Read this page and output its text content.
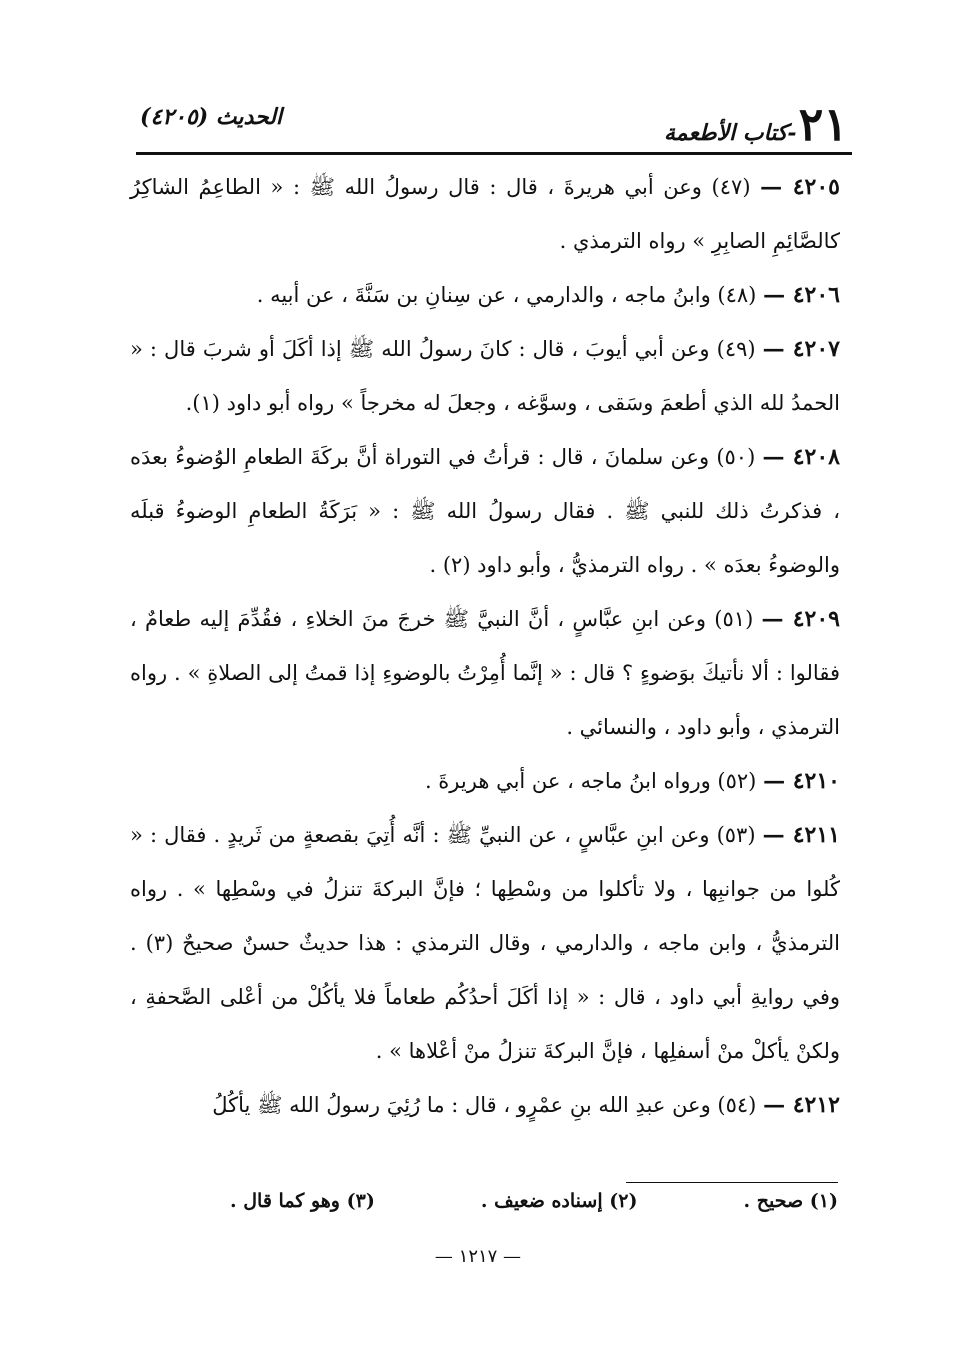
٢١
-كتاب الأطعمة
الحديث (٤٢٠٥)

٤٢٠٥ — (٤٧) وعن أبي هريرةَ ، قال : قال رسولُ الله ﷺ : « الطاعِمُ الشاكِرُ كالصَّائِمِ الصابِرِ » رواه الترمذي .

٤٢٠٦ — (٤٨) وابنُ ماجه ، والدارمي ، عن سِنانِ بن سَنَّةَ ، عن أبيه .

٤٢٠٧ — (٤٩) وعن أبي أيوبَ ، قال : كانَ رسولُ الله ﷺ إذا أكَلَ أو شربَ قال : « الحمدُ لله الذي أطعمَ وسَقى ، وسوَّغه ، وجعلَ له مخرجاً » رواه أبو داود (١).

٤٢٠٨ — (٥٠) وعن سلمانَ ، قال : قرأتُ في التوراة أنَّ بركَةَ الطعامِ الوُضوءُ بعدَه ، فذكرتُ ذلك للنبي ﷺ . فقال رسولُ الله ﷺ : « بَرَكَةُ الطعامِ الوضوءُ قبلَه والوضوءُ بعدَه » . رواه الترمذيُّ ، وأبو داود (٢) .

٤٢٠٩ — (٥١) وعن ابنِ عبَّاسٍ ، أنَّ النبيَّ ﷺ خرجَ منَ الخلاءِ ، فقُدِّمَ إليه طعامٌ ، فقالوا : ألا نأتيكَ بوَضوءٍ ؟ قال : « إنَّما أُمِرْتُ بالوضوءِ إذا قمتُ إلى الصلاةِ » . رواه الترمذي ، وأبو داود ، والنسائي .

٤٢١٠ — (٥٢) ورواه ابنُ ماجه ، عن أبي هريرةَ .

٤٢١١ — (٥٣) وعن ابنِ عبَّاسٍ ، عن النبيِّ ﷺ : أنَّه أُتِيَ بقصعةٍ من ثَريدٍ . فقال : « كُلوا من جوانبِها ، ولا تأكلوا من وسْطِها ؛ فإنَّ البركةَ تنزلُ في وسْطِها » . رواه الترمذيُّ ، وابن ماجه ، والدارمي ، وقال الترمذي : هذا حديثٌ حسنٌ صحيحٌ (٣) . وفي روايةِ أبي داود ، قال : « إذا أكَلَ أحدُكُم طعاماً فلا يأكُلْ من أعْلى الصَّحفةِ ، ولكنْ يأكلْ منْ أسفلِها ، فإنَّ البركةَ تنزلُ منْ أعْلاها » .

٤٢١٢ — (٥٤) وعن عبدِ الله بنِ عمْرٍو ، قال : ما رُئِيَ رسولُ الله ﷺ يأكُلُ

(١) صحيح .
(٢) إسناده ضعيف .
(٣) وهو كما قال .
— ١٢١٧ —
